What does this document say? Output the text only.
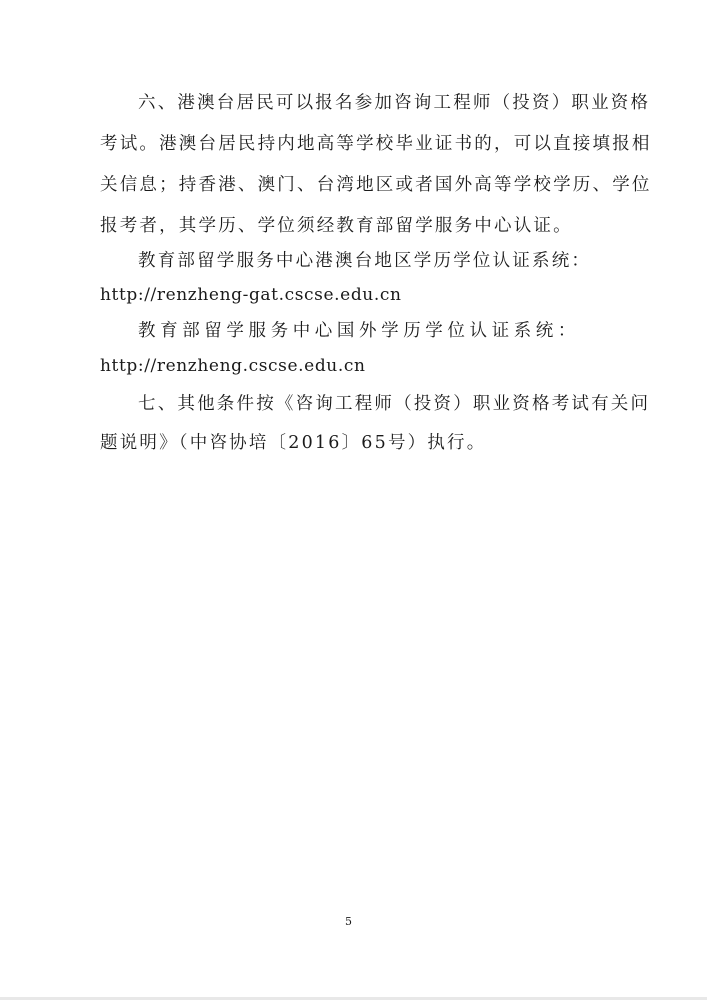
六、港澳台居民可以报名参加咨询工程师（投资）职业资格
考试。港澳台居民持内地高等学校毕业证书的，可以直接填报相
关信息；持香港、澳门、台湾地区或者国外高等学校学历、学位
报考者，其学历、学位须经教育部留学服务中心认证。
教育部留学服务中心港澳台地区学历学位认证系统：
http://renzheng-gat.cscse.edu.cn
教育部留学服务中心国外学历学位认证系统：
http://renzheng.cscse.edu.cn
七、其他条件按《咨询工程师（投资）职业资格考试有关问
题说明》（中咨协培〔2016〕65号）执行。
5
